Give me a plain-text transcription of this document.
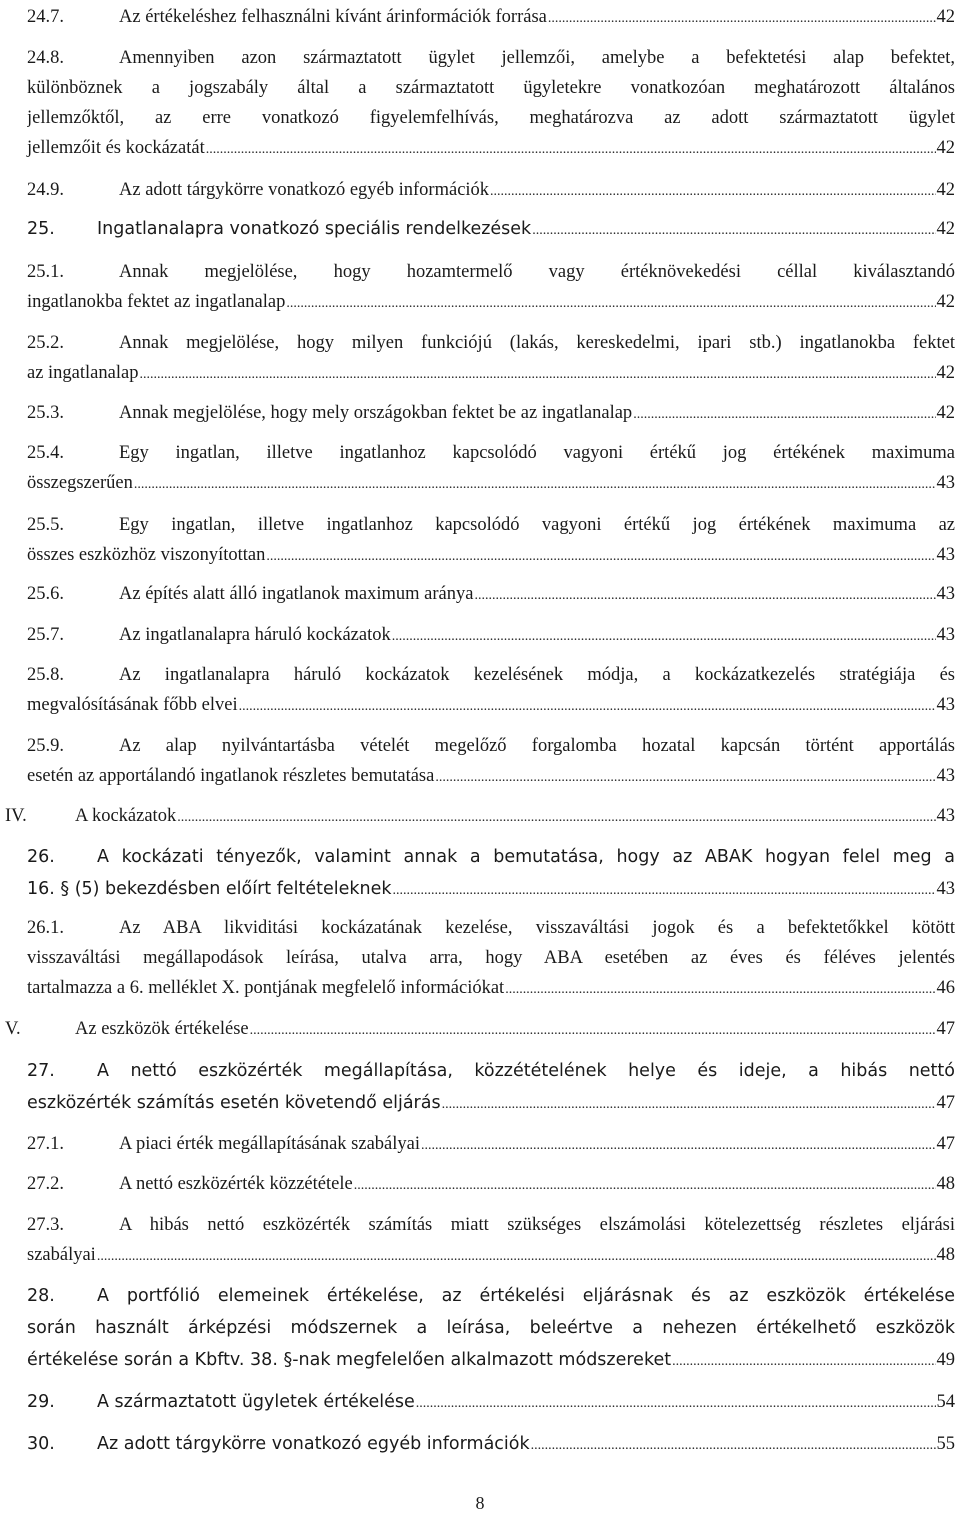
24.7.	Az értékeléshez felhasználni kívánt árinformációk forrása .....	42
24.8.	Amennyiben azon származtatott ügylet jellemzői, amelybe a befektetési alap befektet,
különböznek a jogszabály által a származtatott ügyletekre vonatkozóan meghatározott általános
jellemzőktől, az erre vonatkozó figyelemfelhívás, meghatározva az adott származtatott ügylet
jellemzőit és kockázatát .....	42
24.9.	Az adott tárgykörre vonatkozó egyéb információk .....	42
25. Ingatlanalapra vonatkozó speciális rendelkezések .....	42
25.1.	Annak megjelölése, hogy hozamtermelő vagy értéknövekedési céllal kiválasztandó
ingatlanokba fektet az ingatlanalap .....	42
25.2.	Annak megjelölése, hogy milyen funkciójú (lakás, kereskedelmi, ipari stb.) ingatlanokba fektet
az ingatlanalap .....	42
25.3.	Annak megjelölése, hogy mely országokban fektet be az ingatlanalap .....	42
25.4.	Egy ingatlan, illetve ingatlanhoz kapcsolódó vagyoni értékű jog értékének maximuma
összegszerűen .....	43
25.5.	Egy ingatlan, illetve ingatlanhoz kapcsolódó vagyoni értékű jog értékének maximuma az
összes eszközhöz viszonyítottan .....	43
25.6.	Az építés alatt álló ingatlanok maximum aránya .....	43
25.7.	Az ingatlanalapra háruló kockázatok .....	43
25.8.	Az ingatlanalapra háruló kockázatok kezelésének módja, a kockázatkezelés stratégiája és
megvalósításának főbb elvei .....	43
25.9.	Az alap nyilvántartásba vételét megelőző forgalomba hozatal kapcsán történt apportálás
esetén az apportálandó ingatlanok részletes bemutatása .....	43
IV.	A kockázatok .....	43
26. A kockázati tényezők, valamint annak a bemutatása, hogy az ABAK hogyan felel meg a
16. § (5) bekezdésben előírt feltételeknek .....	43
26.1.	Az ABA likviditási kockázatának kezelése, visszaváltási jogok és a befektetőkkel kötött
visszaváltási megállapodások leírása, utalva arra, hogy ABA esetében az éves és féléves jelentés
tartalmazza a 6. melléklet X. pontjának megfelelő információkat .....	46
V.	Az eszközök értékelése .....	47
27. A nettó eszközérték megállapítása, közzétételének helye és ideje, a hibás nettó
eszközérték számítás esetén követendő eljárás .....	47
27.1.	A piaci érték megállapításának szabályai .....	47
27.2.	A nettó eszközérték közzététele .....	48
27.3.	A hibás nettó eszközérték számítás miatt szükséges elszámolási kötelezettség részletes eljárási
szabályai .....	48
28. A portfólió elemeinek értékelése, az értékelési eljárásnak és az eszközök értékelése
során használt árképzési módszernek a leírása, beleértve a nehezen értékelhető eszközök
értékelése során a Kbftv. 38. §-nak megfelelően alkalmazott módszereket .....	49
29. A származtatott ügyletek értékelése .....	54
30. Az adott tárgykörre vonatkozó egyéb információk .....	55
8
